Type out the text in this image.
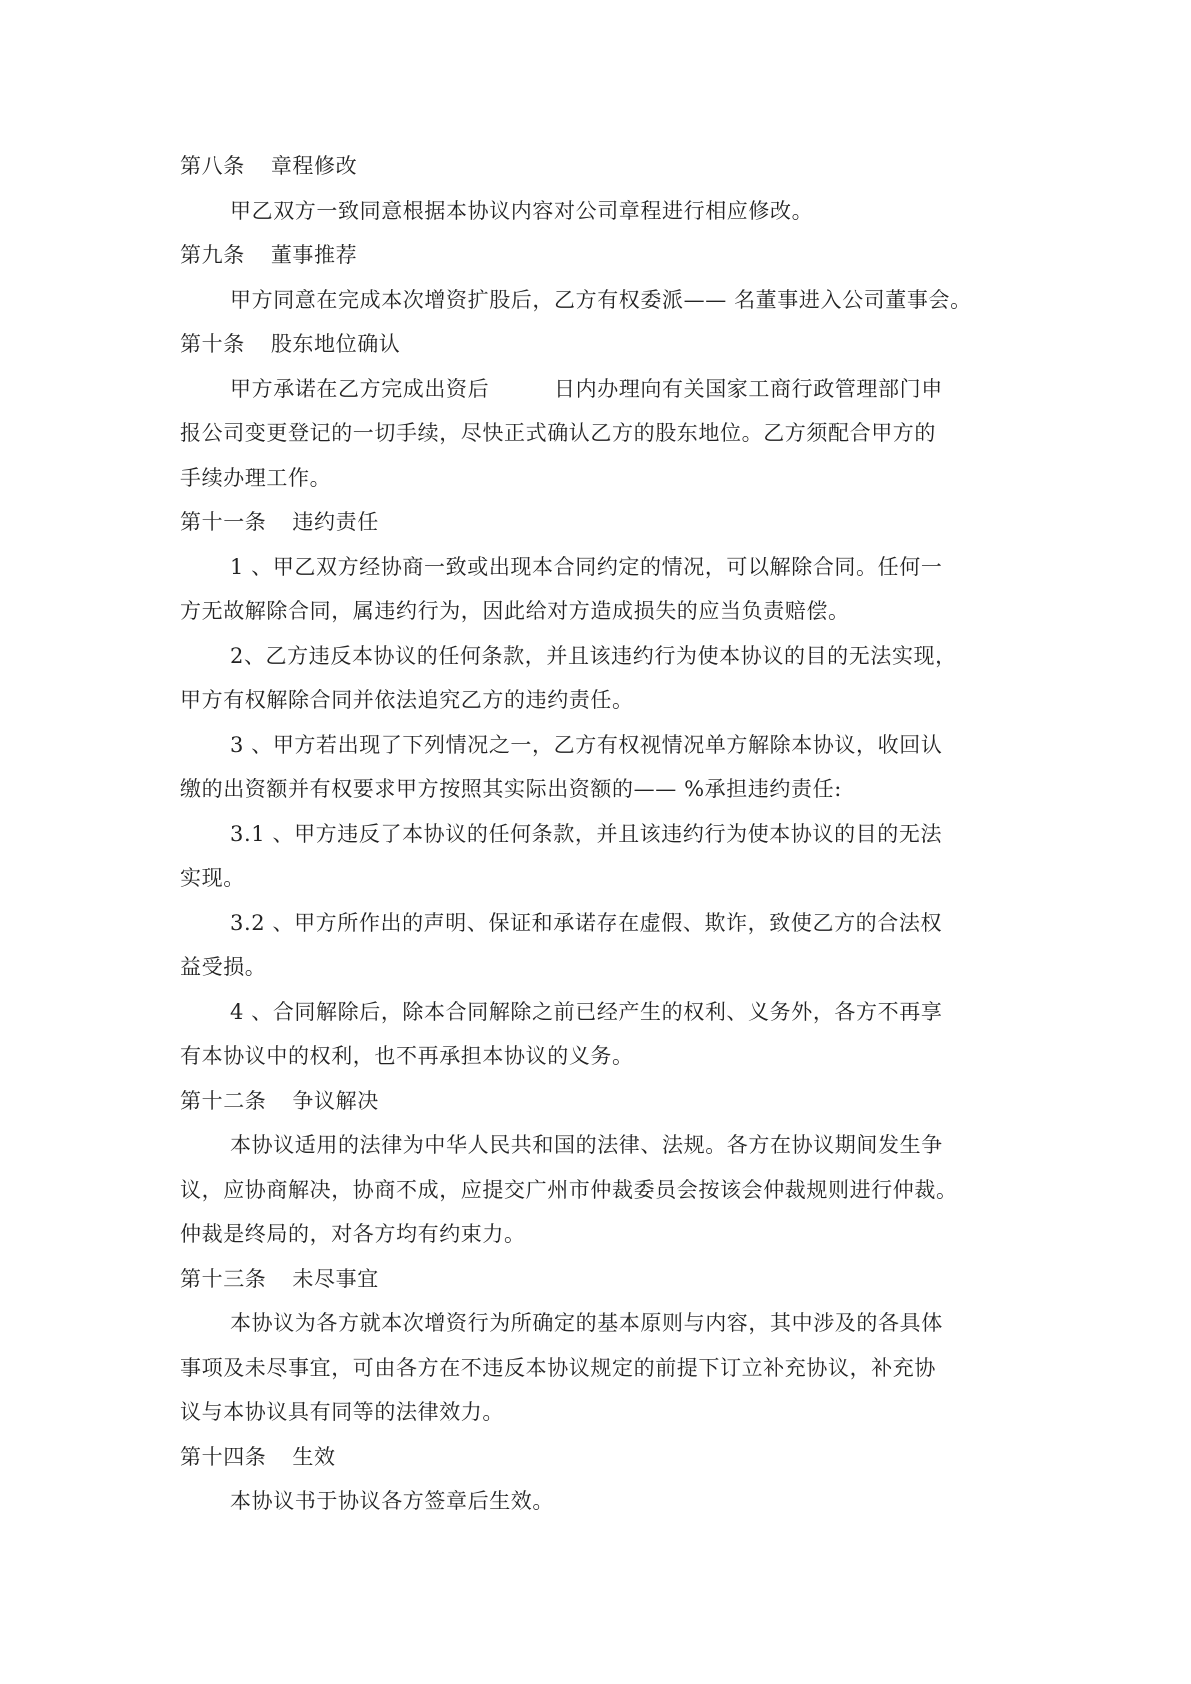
第八条 章程修改
甲乙双方一致同意根据本协议内容对公司章程进行相应修改。
第九条 董事推荐
甲方同意在完成本次增资扩股后，乙方有权委派—— 名董事进入公司董事会。
第十条 股东地位确认
甲方承诺在乙方完成出资后　　　日内办理向有关国家工商行政管理部门申
报公司变更登记的一切手续，尽快正式确认乙方的股东地位。乙方须配合甲方的
手续办理工作。
第十一条 违约责任
1 、甲乙双方经协商一致或出现本合同约定的情况，可以解除合同。任何一
方无故解除合同，属违约行为，因此给对方造成损失的应当负责赔偿。
2、乙方违反本协议的任何条款，并且该违约行为使本协议的目的无法实现，
甲方有权解除合同并依法追究乙方的违约责任。
3 、甲方若出现了下列情况之一，乙方有权视情况单方解除本协议，收回认
缴的出资额并有权要求甲方按照其实际出资额的—— %承担违约责任:
3.1 、甲方违反了本协议的任何条款，并且该违约行为使本协议的目的无法
实现。
3.2 、甲方所作出的声明、保证和承诺存在虚假、欺诈，致使乙方的合法权
益受损。
4 、合同解除后，除本合同解除之前已经产生的权利、义务外，各方不再享
有本协议中的权利，也不再承担本协议的义务。
第十二条 争议解决
本协议适用的法律为中华人民共和国的法律、法规。各方在协议期间发生争
议，应协商解决，协商不成，应提交广州市仲裁委员会按该会仲裁规则进行仲裁。
仲裁是终局的，对各方均有约束力。
第十三条 未尽事宜
本协议为各方就本次增资行为所确定的基本原则与内容，其中涉及的各具体
事项及未尽事宜，可由各方在不违反本协议规定的前提下订立补充协议，补充协
议与本协议具有同等的法律效力。
第十四条 生效
本协议书于协议各方签章后生效。
